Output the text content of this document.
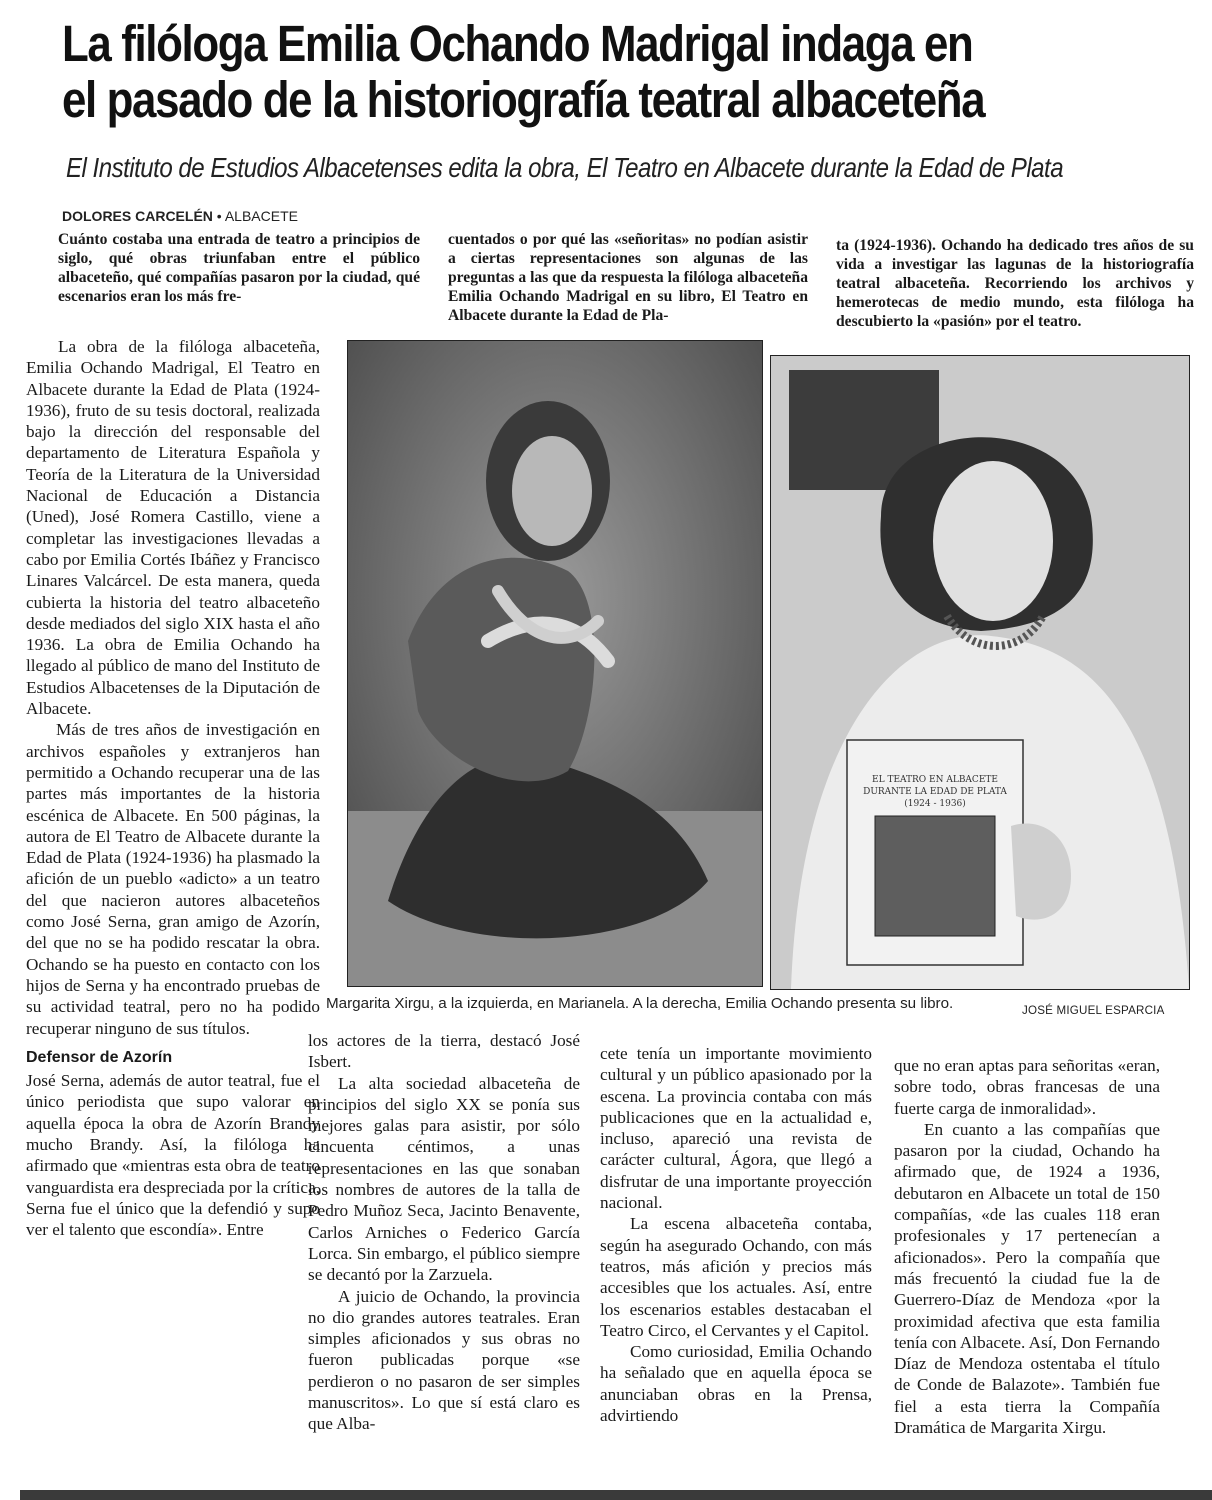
La filóloga Emilia Ochando Madrigal indaga en
el pasado de la historiografía teatral albaceteña
El Instituto de Estudios Albacetenses edita la obra, El Teatro en Albacete durante la Edad de Plata
DOLORES CARCELÉN • ALBACETE
Cuánto costaba una entrada de teatro a principios de siglo, qué obras triunfaban entre el público albaceteño, qué compañías pasaron por la ciudad, qué escenarios eran los más fre-
cuentados o por qué las «señoritas» no podían asistir a ciertas representaciones son algunas de las preguntas a las que da respuesta la filóloga albaceteña Emilia Ochando Madrigal en su libro, El Teatro en Albacete durante la Edad de Pla-
ta (1924-1936). Ochando ha dedicado tres años de su vida a investigar las lagunas de la historiografía teatral albaceteña. Recorriendo los archivos y hemerotecas de medio mundo, esta filóloga ha descubierto la «pasión» por el teatro.

La obra de la filóloga albaceteña, Emilia Ochando Madrigal, El Teatro en Albacete durante la Edad de Plata (1924-1936), fruto de su tesis doctoral, realizada bajo la dirección del responsable del departamento de Literatura Española y Teoría de la Literatura de la Universidad Nacional de Educación a Distancia (Uned), José Romera Castillo, viene a completar las investigaciones llevadas a cabo por Emilia Cortés Ibáñez y Francisco Linares Valcárcel. De esta manera, queda cubierta la historia del teatro albaceteño desde mediados del siglo XIX hasta el año 1936. La obra de Emilia Ochando ha llegado al público de mano del Instituto de Estudios Albacetenses de la Diputación de Albacete.

Más de tres años de investigación en archivos españoles y extranjeros han permitido a Ochando recuperar una de las partes más importantes de la historia escénica de Albacete. En 500 páginas, la autora de El Teatro de Albacete durante la Edad de Plata (1924-1936) ha plasmado la afición de un pueblo «adicto» a un teatro del que nacieron autores albaceteños como José Serna, gran amigo de Azorín, del que no se ha podido rescatar la obra. Ochando se ha puesto en contacto con los hijos de Serna y ha encontrado pruebas de su actividad teatral, pero no ha podido recuperar ninguno de sus títulos.

Defensor de Azorín

José Serna, además de autor teatral, fue el único periodista que supo valorar en aquella época la obra de Azorín Brandy mucho Brandy. Así, la filóloga ha afirmado que «mientras esta obra de teatro vanguardista era despreciada por la crítica, Serna fue el único que la defendió y supo ver el talento que escondía». Entre

EL TEATRO EN ALBACETE
DURANTE LA EDAD DE PLATA
(1924 - 1936)
Margarita Xirgu, a la izquierda, en Marianela. A la derecha, Emilia Ochando presenta su libro.	JOSÉ MIGUEL ESPARCIA

los actores de la tierra, destacó José Isbert.

La alta sociedad albaceteña de principios del siglo XX se ponía sus mejores galas para asistir, por sólo cincuenta céntimos, a unas representaciones en las que sonaban los nombres de autores de la talla de Pedro Muñoz Seca, Jacinto Benavente, Carlos Arniches o Federico García Lorca. Sin embargo, el público siempre se decantó por la Zarzuela.

A juicio de Ochando, la provincia no dio grandes autores teatrales. Eran simples aficionados y sus obras no fueron publicadas porque «se perdieron o no pasaron de ser simples manuscritos». Lo que sí está claro es que Alba-

cete tenía un importante movimiento cultural y un público apasionado por la escena. La provincia contaba con más publicaciones que en la actualidad e, incluso, apareció una revista de carácter cultural, Ágora, que llegó a disfrutar de una importante proyección nacional.

La escena albaceteña contaba, según ha asegurado Ochando, con más teatros, más afición y precios más accesibles que los actuales. Así, entre los escenarios estables destacaban el Teatro Circo, el Cervantes y el Capitol.

Como curiosidad, Emilia Ochando ha señalado que en aquella época se anunciaban obras en la Prensa, advirtiendo

que no eran aptas para señoritas «eran, sobre todo, obras francesas de una fuerte carga de inmoralidad».

En cuanto a las compañías que pasaron por la ciudad, Ochando ha afirmado que, de 1924 a 1936, debutaron en Albacete un total de 150 compañías, «de las cuales 118 eran profesionales y 17 pertenecían a aficionados». Pero la compañía que más frecuentó la ciudad fue la de Guerrero-Díaz de Mendoza «por la proximidad afectiva que esta familia tenía con Albacete. Así, Don Fernando Díaz de Mendoza ostentaba el título de Conde de Balazote». También fue fiel a esta tierra la Compañía Dramática de Margarita Xirgu.
